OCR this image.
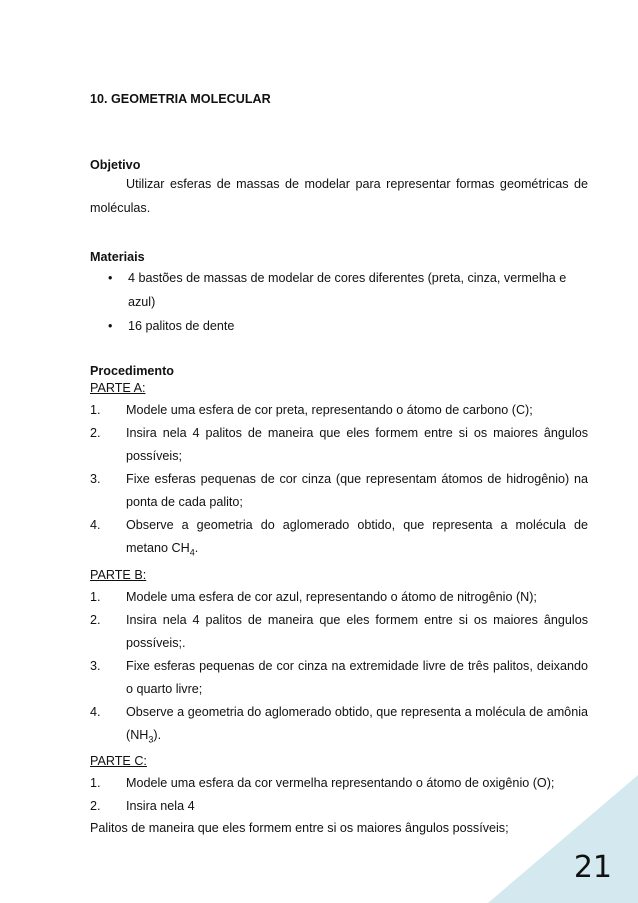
10. GEOMETRIA MOLECULAR

Objetivo

Utilizar esferas de massas de modelar para representar formas geométricas de moléculas.

Materiais

• 4 bastões de massas de modelar de cores diferentes (preta, cinza, vermelha e azul)
• 16 palitos de dente

Procedimento

PARTE A:

1.	Modele uma esfera de cor preta, representando o átomo de carbono (C);
2.	Insira nela 4 palitos de maneira que eles formem entre si os maiores ângulos possíveis;
3.	Fixe esferas pequenas de cor cinza (que representam átomos de hidrogênio) na ponta de cada palito;
4.	Observe a geometria do aglomerado obtido, que representa a molécula de metano $CH_4$.

PARTE B:

1.	Modele uma esfera de cor azul, representando o átomo de nitrogênio (N);
2.	Insira nela 4 palitos de maneira que eles formem entre si os maiores ângulos possíveis;.
3.	Fixe esferas pequenas de cor cinza na extremidade livre de três palitos, deixando o quarto livre;
4.	Observe a geometria do aglomerado obtido, que representa a molécula de amônia $(NH_3)$.

PARTE C:

1.	Modele uma esfera da cor vermelha representando o átomo de oxigênio (O);
2.	Insira nela 4

Palitos de maneira que eles formem entre si os maiores ângulos possíveis;

21
